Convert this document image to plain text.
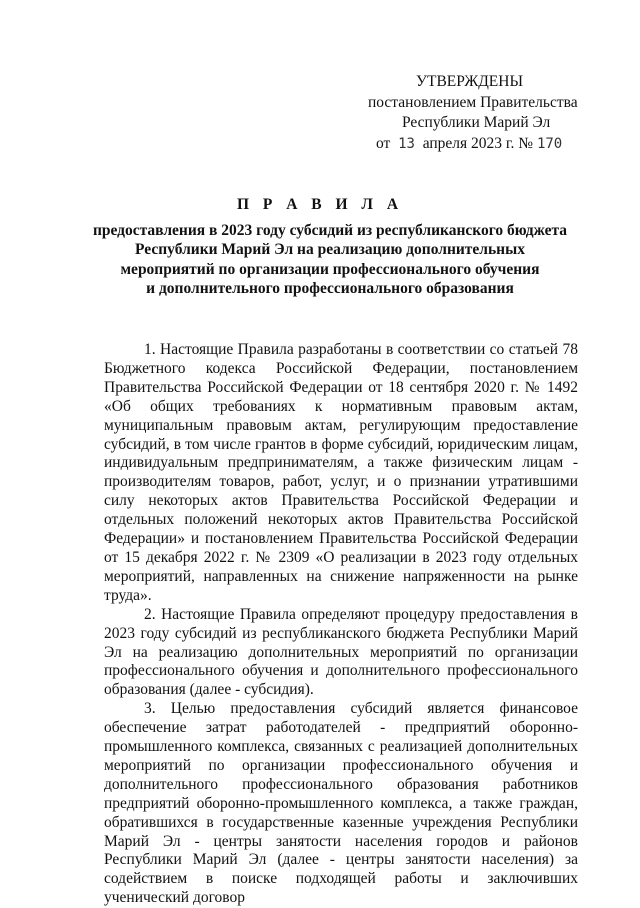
УТВЕРЖДЕНЫ
постановлением Правительства
Республики Марий Эл
от 13 апреля 2023 г. № 170
П Р А В И Л А
предоставления в 2023 году субсидий из республиканского бюджета
Республики Марий Эл на реализацию дополнительных
мероприятий по организации профессионального обучения
и дополнительного профессионального образования

1. Настоящие Правила разработаны в соответствии со статьей 78 Бюджетного кодекса Российской Федерации, постановлением Правительства Российской Федерации от 18 сентября 2020 г. № 1492 «Об общих требованиях к нормативным правовым актам, муниципальным правовым актам, регулирующим предоставление субсидий, в том числе грантов в форме субсидий, юридическим лицам, индивидуальным предпринимателям, а также физическим лицам - производителям товаров, работ, услуг, и о признании утратившими силу некоторых актов Правительства Российской Федерации и отдельных положений некоторых актов Правительства Российской Федерации» и постановлением Правительства Российской Федерации от 15 декабря 2022 г. № 2309 «О реализации в 2023 году отдельных мероприятий, направленных на снижение напряженности на рынке труда».

2. Настоящие Правила определяют процедуру предоставления в 2023 году субсидий из республиканского бюджета Республики Марий Эл на реализацию дополнительных мероприятий по организации профессионального обучения и дополнительного профессионального образования (далее - субсидия).

3. Целью предоставления субсидий является финансовое обеспечение затрат работодателей - предприятий оборонно-промышленного комплекса, связанных с реализацией дополнительных мероприятий по организации профессионального обучения и дополнительного профессионального образования работников предприятий оборонно-промышленного комплекса, а также граждан, обратившихся в государственные казенные учреждения Республики Марий Эл - центры занятости населения городов и районов Республики Марий Эл (далее - центры занятости населения) за содействием в поиске подходящей работы и заключивших ученический договор
